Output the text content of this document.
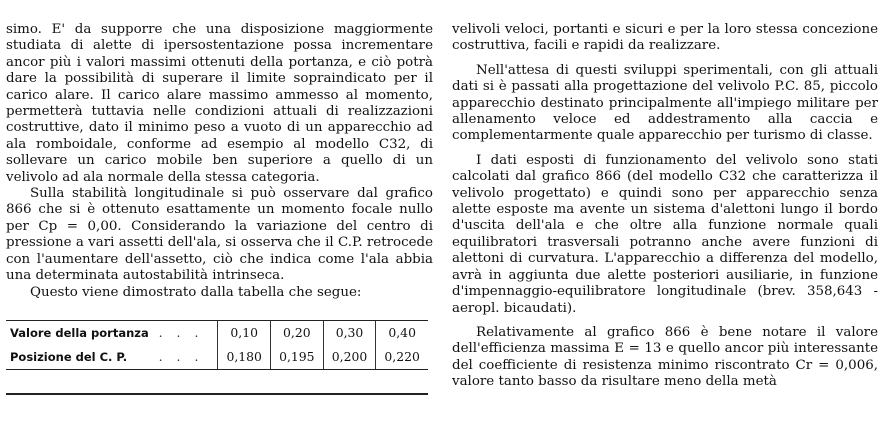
simo. E' da supporre che una disposizione maggiormente studiata di alette di ipersostentazione possa incrementare ancor più i valori massimi ottenuti della portanza, e ciò potrà dare la possibilità di superare il limite sopraindicato per il carico alare. Il carico alare massimo ammesso al momento, permetterà tuttavia nelle condizioni attuali di realizzazioni costruttive, dato il minimo peso a vuoto di un apparecchio ad ala romboidale, conforme ad esempio al modello C32, di sollevare un carico mobile ben superiore a quello di un velivolo ad ala normale della stessa categoria.

Sulla stabilità longitudinale si può osservare dal grafico 866 che si è ottenuto esattamente un momento focale nullo per Cp = 0,00. Considerando la variazione del centro di pressione a vari assetti dell'ala, si osserva che il C.P. retrocede con l'aumentare dell'assetto, ciò che indica come l'ala abbia una determinata autostabilità intrinseca.

Questo viene dimostrato dalla tabella che segue:

Valore della portanza	...	0,10	0,20	0,30	0,40
Posizione del C. P.	...	0,180	0,195	0,200	0,220

velivoli veloci, portanti e sicuri e per la loro stessa concezione costruttiva, facili e rapidi da realizzare.

Nell'attesa di questi sviluppi sperimentali, con gli attuali dati si è passati alla progettazione del velivolo P.C. 85, piccolo apparecchio destinato principalmente all'impiego militare per allenamento veloce ed addestramento alla caccia e complementarmente quale apparecchio per turismo di classe.

I dati esposti di funzionamento del velivolo sono stati calcolati dal grafico 866 (del modello C32 che caratterizza il velivolo progettato) e quindi sono per apparecchio senza alette esposte ma avente un sistema d'alettoni lungo il bordo d'uscita dell'ala e che oltre alla funzione normale quali equilibratori trasversali potranno anche avere funzioni di alettoni di curvatura. L'apparecchio a differenza del modello, avrà in aggiunta due alette posteriori ausiliarie, in funzione d'impennaggio-equilibratore longitudinale (brev. 358,643 - aeropl. bicaudati).

Relativamente al grafico 866 è bene notare il valore dell'efficienza massima E = 13 e quello ancor più interessante del coefficiente di resistenza minimo riscontrato Cr = 0,006, valore tanto basso da risultare meno della metà
